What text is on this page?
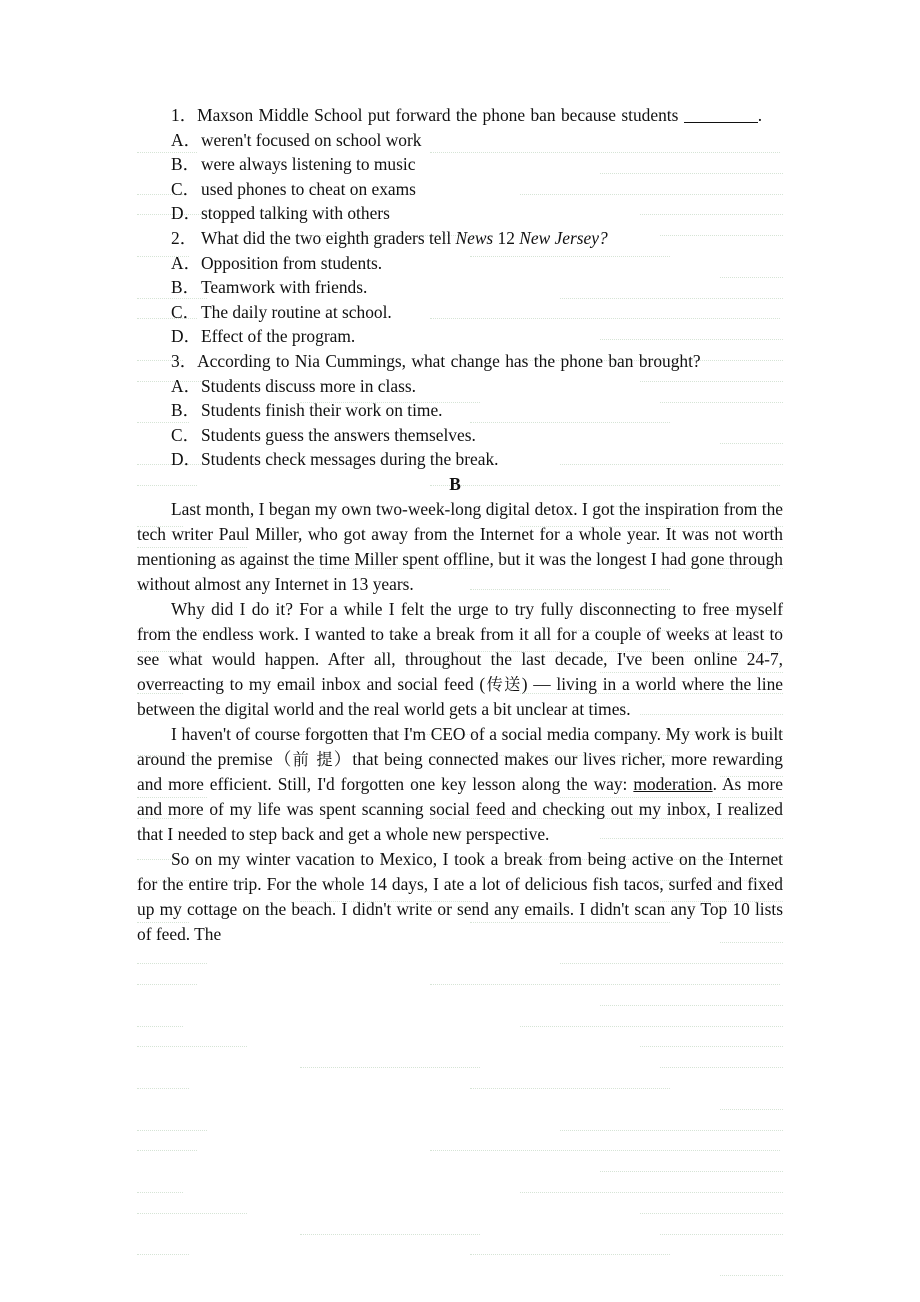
1．Maxson Middle School put forward the phone ban because students	.

A．weren't focused on school work

B．were always listening to music

C．used phones to cheat on exams

D．stopped talking with others

2． What did the two eighth graders tell News 12 New Jersey?

A．Opposition from students.

B．Teamwork with friends.

C．The daily routine at school.

D．Effect of the program.

3．According to Nia Cummings, what change has the phone ban brought?

A．Students discuss more in class.

B．Students finish their work on time.

C．Students guess the answers themselves.

D．Students check messages during the break.

B

Last month, I began my own two-week-long digital detox. I got the inspiration from the tech writer Paul Miller, who got away from the Internet for a whole year. It was not worth mentioning as against the time Miller spent offline, but it was the longest I had gone through without almost any Internet in 13 years.

Why did I do it? For a while I felt the urge to try fully disconnecting to free myself from the endless work. I wanted to take a break from it all for a couple of weeks at least to see what would happen. After all, throughout the last decade, I've been online 24-7, overreacting to my email inbox and social feed (传送) — living in a world where the line between the digital world and the real world gets a bit unclear at times.

I haven't of course forgotten that I'm CEO of a social media company. My work is built around the premise（前 提）that being connected makes our lives richer, more rewarding and more efficient. Still, I'd forgotten one key lesson along the way: moderation. As more and more of my life was spent scanning social feed and checking out my inbox, I realized that I needed to step back and get a whole new perspective.

So on my winter vacation to Mexico, I took a break from being active on the Internet for the entire trip. For the whole 14 days, I ate a lot of delicious fish tacos, surfed and fixed up my cottage on the beach. I didn't write or send any emails. I didn't scan any Top 10 lists of feed. The
